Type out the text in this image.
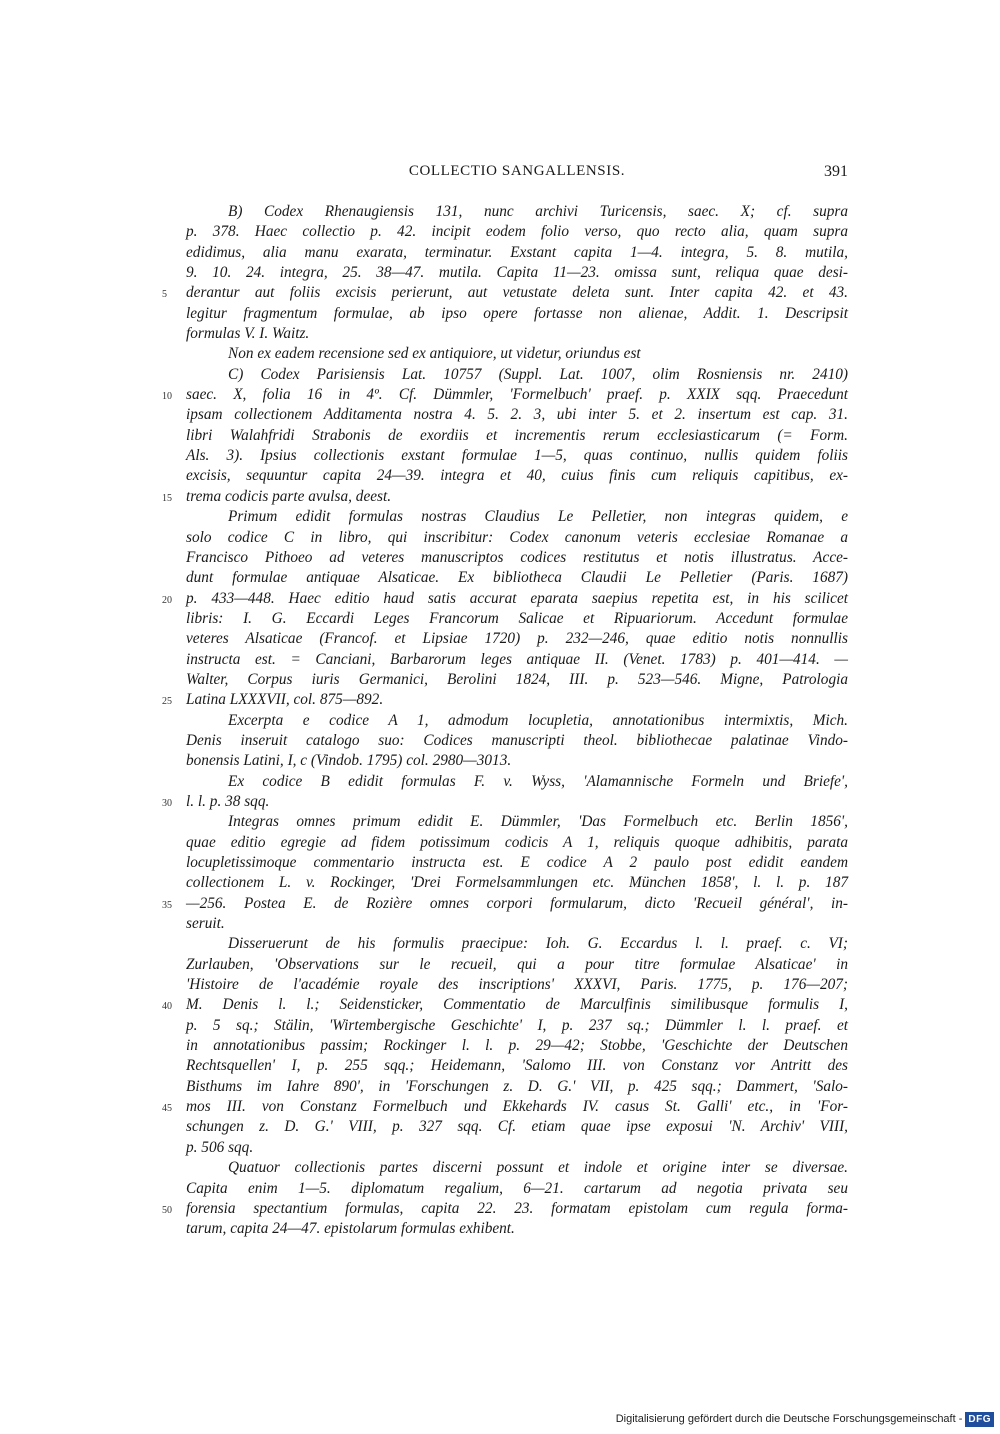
COLLECTIO SANGALLENSIS.	391
B) Codex Rhenaugiensis 131, nunc archivi Turicensis, saec. X; cf. supra
p. 378. Haec collectio p. 42. incipit eodem folio verso, quo recto alia, quam supra
edidimus, alia manu exarata, terminatur. Exstant capita 1—4. integra, 5. 8. mutila,
9. 10. 24. integra, 25. 38—47. mutila. Capita 11—23. omissa sunt, reliqua quae desi-
5	derantur aut foliis excisis perierunt, aut vetustate deleta sunt. Inter capita 42. et 43.
legitur fragmentum formulae, ab ipso opere fortasse non alienae, Addit. 1. Descripsit
formulas V. I. Waitz.
Non ex eadem recensione sed ex antiquiore, ut videtur, oriundus est
C) Codex Parisiensis Lat. 10757 (Suppl. Lat. 1007, olim Rosniensis nr. 2410)
10 saec. X, folia 16 in 4º. Cf. Dümmler, 'Formelbuch' praef. p. XXIX sqq. Praecedunt
ipsam collectionem Additamenta nostra 4. 5. 2. 3, ubi inter 5. et 2. insertum est cap. 31.
libri Walahfridi Strabonis de exordiis et incrementis rerum ecclesiasticarum (= Form.
Als. 3). Ipsius collectionis exstant formulae 1—5, quas continuo, nullis quidem foliis
excisis, sequuntur capita 24—39. integra et 40, cuius finis cum reliquis capitibus, ex-
15 trema codicis parte avulsa, deest.
Primum edidit formulas nostras Claudius Le Pelletier, non integras quidem, e
solo codice C in libro, qui inscribitur: Codex canonum veteris ecclesiae Romanae a
Francisco Pithoeo ad veteres manuscriptos codices restitutus et notis illustratus. Acce-
dunt formulae antiquae Alsaticae. Ex bibliotheca Claudii Le Pelletier (Paris. 1687)
20 p. 433—448. Haec editio haud satis accurat eparata saepius repetita est, in his scilicet
libris: I. G. Eccardi Leges Francorum Salicae et Ripuariorum. Accedunt formulae
veteres Alsaticae (Francof. et Lipsiae 1720) p. 232—246, quae editio notis nonnullis
instructa est. = Canciani, Barbarorum leges antiquae II. (Venet. 1783) p. 401—414. —
Walter, Corpus iuris Germanici, Berolini 1824, III. p. 523—546. Migne, Patrologia
25 Latina LXXXVII, col. 875—892.
Excerpta e codice A 1, admodum locupletia, annotationibus intermixtis, Mich.
Denis inseruit catalogo suo: Codices manuscripti theol. bibliothecae palatinae Vindo-
bonensis Latini, I, c (Vindob. 1795) col. 2980—3013.
Ex codice B edidit formulas F. v. Wyss, 'Alamannische Formeln und Briefe',
30 l. l. p. 38 sqq.
Integras omnes primum edidit E. Dümmler, 'Das Formelbuch etc. Berlin 1856',
quae editio egregie ad fidem potissimum codicis A 1, reliquis quoque adhibitis, parata
locupletissimoque commentario instructa est. E codice A 2 paulo post edidit eandem
collectionem L. v. Rockinger, 'Drei Formelsammlungen etc. München 1858', l. l. p. 187
35 —256. Postea E. de Rozière omnes corpori formularum, dicto 'Recueil général', in-
seruit.
Disseruerunt de his formulis praecipue: Ioh. G. Eccardus l. l. praef. c. VI;
Zurlauben, 'Observations sur le recueil, qui a pour titre formulae Alsaticae' in
'Histoire de l'académie royale des inscriptions' XXXVI, Paris. 1775, p. 176—207;
40 M. Denis l. l.; Seidensticker, Commentatio de Marculfinis similibusque formulis I,
p. 5 sq.; Stälin, 'Wirtembergische Geschichte' I, p. 237 sq.; Dümmler l. l. praef. et
in annotationibus passim; Rockinger l. l. p. 29—42; Stobbe, 'Geschichte der Deutschen
Rechtsquellen' I, p. 255 sqq.; Heidemann, 'Salomo III. von Constanz vor Antritt des
Bisthums im Iahre 890', in 'Forschungen z. D. G.' VII, p. 425 sqq.; Dammert, 'Salo-
45 mos III. von Constanz Formelbuch und Ekkehards IV. casus St. Galli' etc., in 'For-
schungen z. D. G.' VIII, p. 327 sqq. Cf. etiam quae ipse exposui 'N. Archiv' VIII,
p. 506 sqq.
Quatuor collectionis partes discerni possunt et indole et origine inter se diversae.
Capita enim 1—5. diplomatum regalium, 6—21. cartarum ad negotia privata seu
50 forensia spectantium formulas, capita 22. 23. formatam epistolam cum regula forma-
tarum, capita 24—47. epistolarum formulas exhibent.
Digitalisierung gefördert durch die Deutsche Forschungsgemeinschaft - DFG
